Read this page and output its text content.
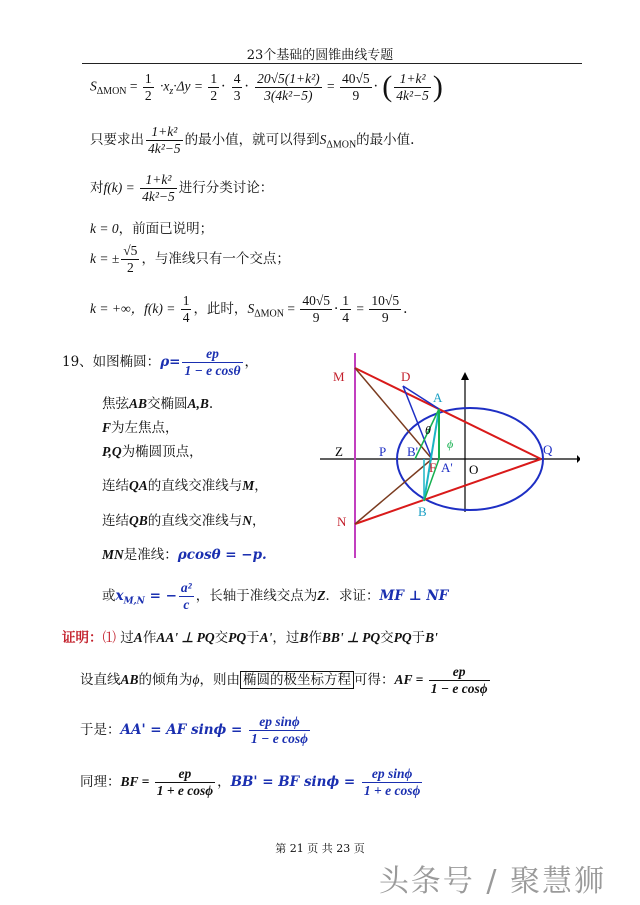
23个基础的圆锥曲线专题
$S_{\Delta MON} = \frac{1}{2} \cdot x_z\cdot\Delta y = \frac{1}{2} \cdot \frac{4}{3} \cdot \frac{\text{20√5(1+k²)}}{\text{3(4k²−5)}} = \frac{40√5}{9}$ · ( $\frac{\text{1+k²}}{\text{4k²−5}}$ )
只要求出 $\frac{\text{1+k²}}{\text{4k²−5}}$ 的最小值，就可以得到$S_{\Delta MON}$的最小值.
对$f(k) = \frac{\text{1+k²}}{\text{4k²−5}}$ 进行分类讨论：
k = 0，前面已说明；
k = ± $\frac{√5}{2}$ ，与准线只有一个交点；
k = +∞，$f(k) = \frac{1}{4}$ ，此时，$S_{\Delta MON} = \frac{40√5}{9} \cdot \frac{1}{4} = \frac{10√5}{9}$ .
19、如图椭圆：$\rho= \frac{ep}{\text{1 − e cosθ}}$ ，
焦弦AB交椭圆A,B.
F为左焦点，
P,Q为椭圆顶点，
连结QA的直线交准线与M，
连结QB的直线交准线与N，
MN是准线：ρcosθ = −p.
或$x_{M,N}$ = − $\frac{\text{a²}}{c}$ ，长轴于准线交点为Z．求证：MF ⊥ NF
M	D
A
θ
ϕ
Z	P B'
F A' O
Q
B
N
证明：⑴ 过A作AA' ⊥ PQ交PQ于A'，过B作BB' ⊥ PQ交PQ于B'
设直线AB的倾角为ϕ，则由 椭圆的极坐标方程 可得：AF = $\frac{ep}{\text{1 − e cosϕ}}$
于是：AA' = AF $\sin\phi = \frac{\text{ep sinϕ}}{\text{1 − e cosϕ}}$
同理：BF = $\frac{ep}{\text{1 + e cosϕ}}$ ，BB' = BF $\sin\phi = \frac{\text{ep sinϕ}}{\text{1 + e cosϕ}}$
第 21 页 共 23 页
头条号 / 聚慧狮
